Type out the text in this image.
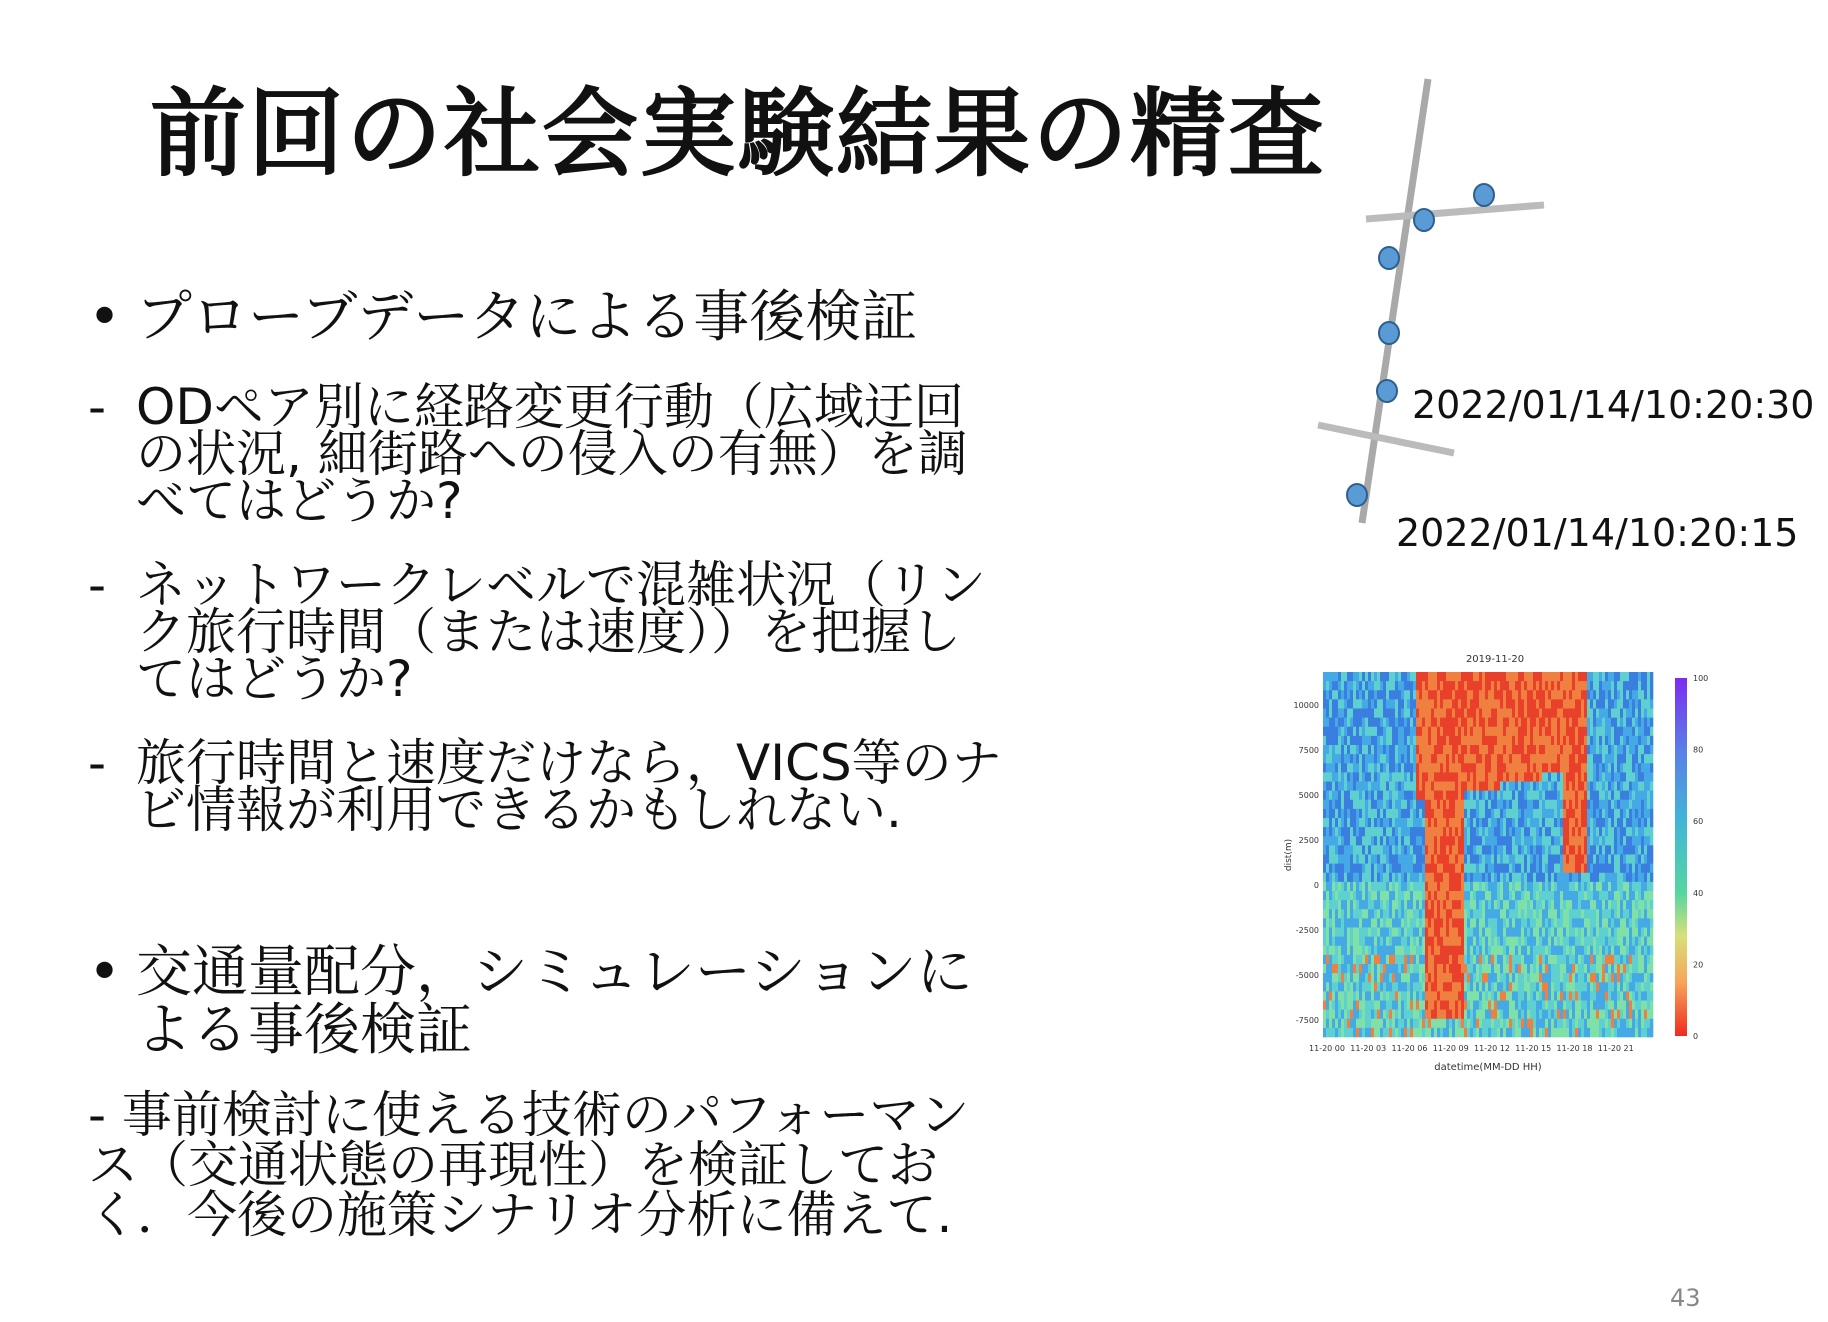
前回の社会実験結果の精査
• プローブデータによる事後検証
- ODペア別に経路変更行動（広域迂回
の状況, 細街路への侵入の有無）を調
べてはどうか?
- ネットワークレベルで混雑状況（リン
ク旅行時間（または速度））を把握し
てはどうか?
- 旅行時間と速度だけなら，VICS等のナ
ビ情報が利用できるかもしれない.
• 交通量配分，シミュレーションに
よる事後検証
- 事前検討に使える技術のパフォーマン
ス（交通状態の再現性）を検証してお
く．今後の施策シナリオ分析に備えて.
2022/01/14/10:20:30
2022/01/14/10:20:15
2019-11-20
datetime(MM-DD HH)
dist(m)
11-20 00 11-20 03 11-20 06 11-20 09 11-20 12 11-20 15 11-20 18 11-20 21
10000
7500
5000
2500
0
-2500
-5000
-7500
100
80
60
40
20
0
43
